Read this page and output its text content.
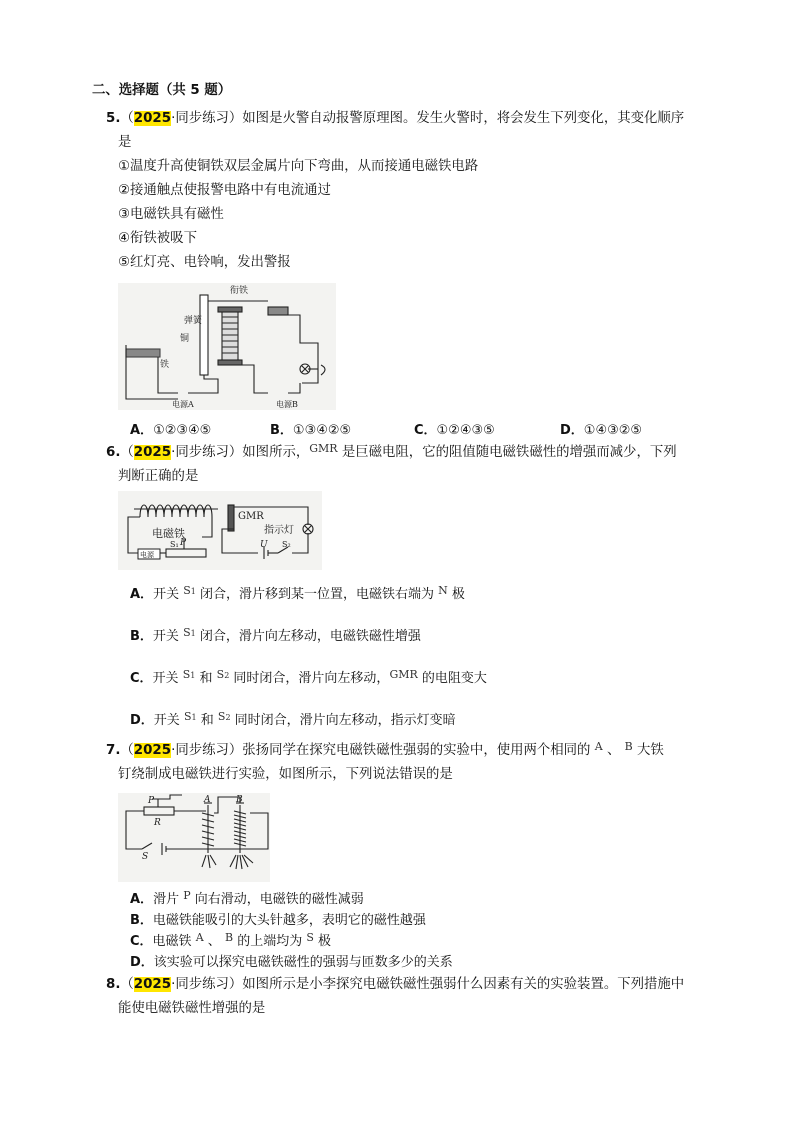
二、选择题（共 5 题）
5.（2025·同步练习）如图是火警自动报警原理图。发生火警时，将会发生下列变化，其变化顺序
是
①温度升高使铜铁双层金属片向下弯曲，从而接通电磁铁电路
②接通触点使报警电路中有电流通过
③电磁铁具有磁性
④衔铁被吸下
⑤红灯亮、电铃响，发出警报
衔铁
弹簧
铜
铁
电源A	电源B
A．①②③④⑤	B．①③④②⑤	C．①②④③⑤	D．①④③②⑤
6.（2025·同步练习）如图所示，$^{GMR}$ 是巨磁电阻，它的阻值随电磁铁磁性的增强而减少，下列
判断正确的是
电磁铁
S₁ P
电源
GMR
指示灯
U S₂
A．开关 $^{S1}$ 闭合，滑片移到某一位置，电磁铁右端为 $^N$ 极
B．开关 $^{S1}$ 闭合，滑片向左移动，电磁铁磁性增强
C．开关 $^{S1}$ 和 $^{S2}$ 同时闭合，滑片向左移动，$^{GMR}$ 的电阻变大
D．开关 $^{S1}$ 和 $^{S2}$ 同时闭合，滑片向左移动，指示灯变暗
7.（2025·同步练习）张扬同学在探究电磁铁磁性强弱的实验中，使用两个相同的 $^A$ 、 $^B$ 大铁
钉绕制成电磁铁进行实验，如图所示，下列说法错误的是
P
R
A	B
S
A．滑片 $^P$ 向右滑动，电磁铁的磁性减弱
B．电磁铁能吸引的大头针越多，表明它的磁性越强
C．电磁铁 $^A$ 、 $^B$ 的上端均为 $^S$ 极
D．该实验可以探究电磁铁磁性的强弱与匝数多少的关系
8.（2025·同步练习）如图所示是小李探究电磁铁磁性强弱什么因素有关的实验装置。下列措施中
能使电磁铁磁性增强的是
